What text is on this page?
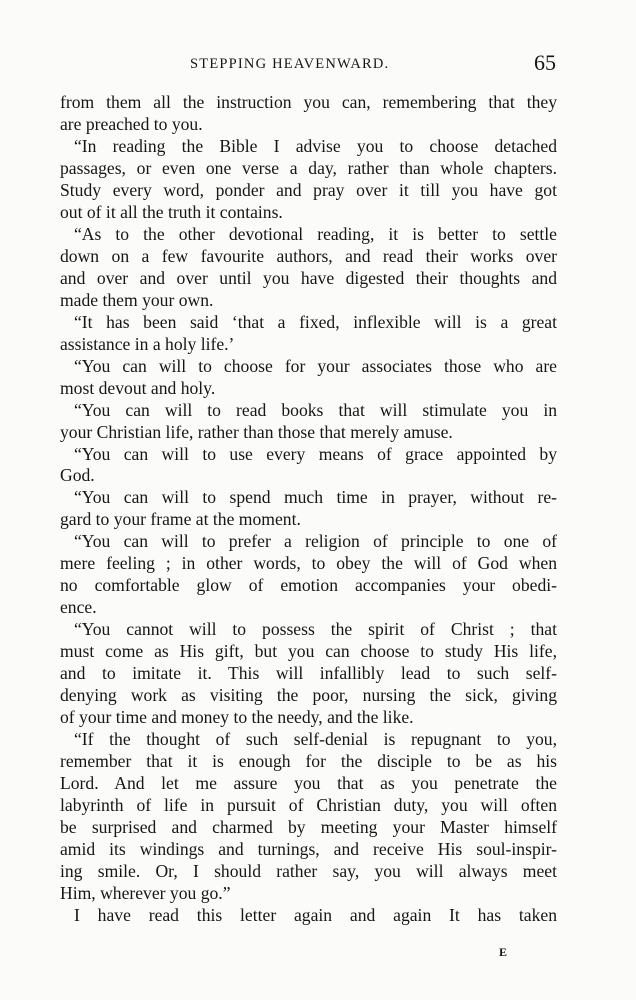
STEPPING HEAVENWARD.	65
from them all the instruction you can, remembering that they
are preached to you.
“In reading the Bible I advise you to choose detached
passages, or even one verse a day, rather than whole chapters.
Study every word, ponder and pray over it till you have got
out of it all the truth it contains.
“As to the other devotional reading, it is better to settle
down on a few favourite authors, and read their works over
and over and over until you have digested their thoughts and
made them your own.
“It has been said ‘that a fixed, inflexible will is a great
assistance in a holy life.’
“You can will to choose for your associates those who are
most devout and holy.
“You can will to read books that will stimulate you in
your Christian life, rather than those that merely amuse.
“You can will to use every means of grace appointed by
God.
“You can will to spend much time in prayer, without re-
gard to your frame at the moment.
“You can will to prefer a religion of principle to one of
mere feeling ; in other words, to obey the will of God when
no comfortable glow of emotion accompanies your obedi-
ence.
“You cannot will to possess the spirit of Christ ; that
must come as His gift, but you can choose to study His life,
and to imitate it. This will infallibly lead to such self-
denying work as visiting the poor, nursing the sick, giving
of your time and money to the needy, and the like.
“If the thought of such self-denial is repugnant to you,
remember that it is enough for the disciple to be as his
Lord. And let me assure you that as you penetrate the
labyrinth of life in pursuit of Christian duty, you will often
be surprised and charmed by meeting your Master himself
amid its windings and turnings, and receive His soul-inspir-
ing smile. Or, I should rather say, you will always meet
Him, wherever you go.”
I have read this letter again and again It has taken
E
